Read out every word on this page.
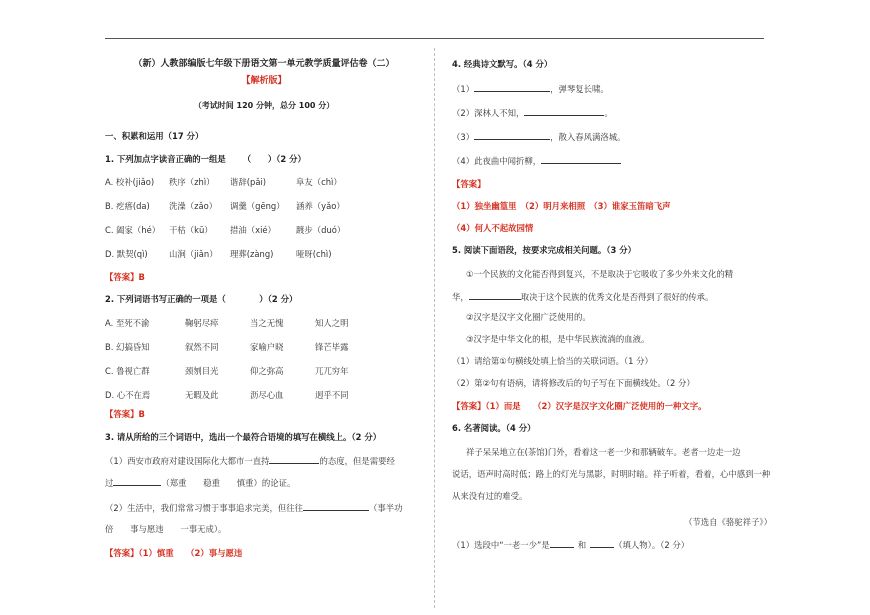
（新）人教部编版七年级下册语文第一单元教学质量评估卷（二）
【解析版】
（考试时间 120 分钟，总分 100 分）
一、积累和运用（17 分）
1. 下列加点字读音正确的一组是 （　　）（2 分）
A. 校补(jiǎo) 秩序（zhì） 谐辞(pǎi)	阜友（chì）
B. 疙瘩(da) 洗澡（zǎo） 调羹（gēng） 涵养（yǎo）
C. 阖家（hé） 干枯（kū） 措油（xié） 踱步（duó）
D. 默契(qì)	山涧（jiǎn） 理葬(zàng)	哑呀(chì)
【答案】B
2. 下列词语书写正确的一项是（　　　　）（2 分）
A. 至死不渝	鞠躬尽瘁	当之无愧	知人之明
B. 幻搞昏知	叙然不同	家喻户晓	锋芒毕露
C. 鲁视亡群	颈刎目光	仰之弥高	兀兀穷年
D. 心不在焉	无暇及此	沥尽心血	迥乎不同
【答案】B
3. 请从所给的三个词语中，选出一个最符合语境的填写在横线上。（2 分）
（1）西安市政府对建设国际化大都市一直持	的态度，但是需要经
过	（郑重　　稳重　　慎重）的论证。
（2）生活中，我们常常习惯于事事追求完美，但往往	（事半功
倍　　事与愿违　　一事无成）。
【答案】（1）慎重　　（2）事与愿违
4. 经典诗文默写。（4 分）
（1）	，弹琴复长啸。
（2）深林人不知，	。
（3）	，散入春风满洛城。
（4）此夜曲中闻折柳，
【答案】
（1）独坐幽篁里　（2）明月来相照　（3）谁家玉笛暗飞声
（4）何人不起故园情
5. 阅读下面语段，按要求完成相关问题。（3 分）
①一个民族的文化能否得到复兴，不是取决于它吸收了多少外来文化的精
华，	取决于这个民族的优秀文化是否得到了很好的传承。
②汉字是汉字文化圈广泛使用的。
③汉字是中华文化的根，是中华民族流淌的血液。
（1）请给第①句横线处填上恰当的关联词语。（1 分）
（2）第②句有语病，请将修改后的句子写在下面横线处。（2 分）
【答案】（1）而是　　（2）汉字是汉字文化圈广泛使用的一种文字。
6. 名著阅读。（4 分）
祥子呆呆地立在(茶馆)门外，看着这一老一少和那辆破车。老者一边走一边
说话，语声时高时低；路上的灯光与黑影，时明时暗。祥子听着，看着，心中感到一种
从来没有过的难受。
（节选自《骆驼祥子》）
（1）选段中“一老一少”是	和	（填人物）。（2 分）
